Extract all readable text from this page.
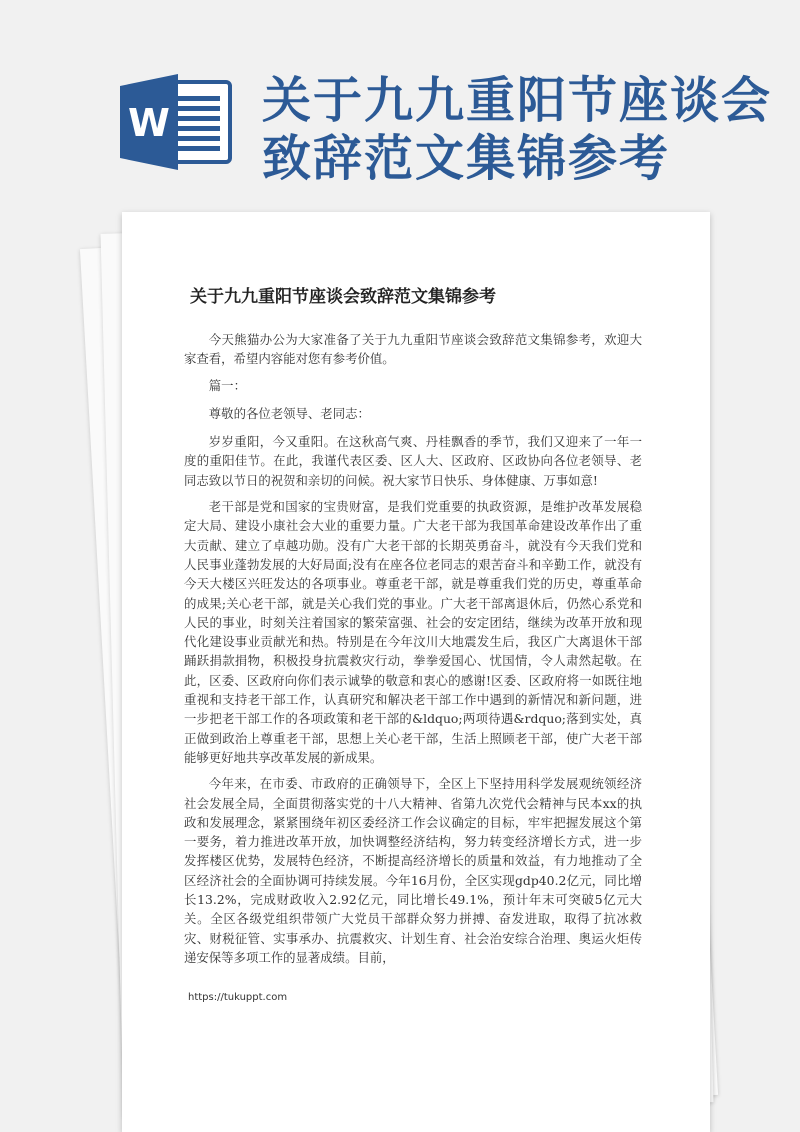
W 关于九九重阳节座谈会
致辞范文集锦参考
关于九九重阳节座谈会致辞范文集锦参考

今天熊猫办公为大家准备了关于九九重阳节座谈会致辞范文集锦参考，欢迎大家查看，希望内容能对您有参考价值。

篇一：

尊敬的各位老领导、老同志：

岁岁重阳，今又重阳。在这秋高气爽、丹桂飘香的季节，我们又迎来了一年一度的重阳佳节。在此，我谨代表区委、区人大、区政府、区政协向各位老领导、老同志致以节日的祝贺和亲切的问候。祝大家节日快乐、身体健康、万事如意!

老干部是党和国家的宝贵财富，是我们党重要的执政资源，是维护改革发展稳定大局、建设小康社会大业的重要力量。广大老干部为我国革命建设改革作出了重大贡献、建立了卓越功勋。没有广大老干部的长期英勇奋斗，就没有今天我们党和人民事业蓬勃发展的大好局面;没有在座各位老同志的艰苦奋斗和辛勤工作，就没有今天大楼区兴旺发达的各项事业。尊重老干部，就是尊重我们党的历史，尊重革命的成果;关心老干部，就是关心我们党的事业。广大老干部离退休后，仍然心系党和人民的事业，时刻关注着国家的繁荣富强、社会的安定团结，继续为改革开放和现代化建设事业贡献光和热。特别是在今年汶川大地震发生后，我区广大离退休干部踊跃捐款捐物，积极投身抗震救灾行动，拳拳爱国心、忧国情，令人肃然起敬。在此，区委、区政府向你们表示诚挚的敬意和衷心的感谢!区委、区政府将一如既往地重视和支持老干部工作，认真研究和解决老干部工作中遇到的新情况和新问题，进一步把老干部工作的各项政策和老干部的&ldquo;两项待遇&rdquo;落到实处，真正做到政治上尊重老干部，思想上关心老干部，生活上照顾老干部，使广大老干部能够更好地共享改革发展的新成果。

今年来，在市委、市政府的正确领导下，全区上下坚持用科学发展观统领经济社会发展全局，全面贯彻落实党的十八大精神、省第九次党代会精神与民本xx的执政和发展理念，紧紧围绕年初区委经济工作会议确定的目标，牢牢把握发展这个第一要务，着力推进改革开放，加快调整经济结构，努力转变经济增长方式，进一步发挥楼区优势，发展特色经济，不断提高经济增长的质量和效益，有力地推动了全区经济社会的全面协调可持续发展。今年16月份，全区实现gdp40.2亿元，同比增长13.2%，完成财政收入2.92亿元，同比增长49.1%，预计年末可突破5亿元大关。全区各级党组织带领广大党员干部群众努力拼搏、奋发进取，取得了抗冰救灾、财税征管、实事承办、抗震救灾、计划生育、社会治安综合治理、奥运火炬传递安保等多项工作的显著成绩。目前，

https://tukuppt.com
